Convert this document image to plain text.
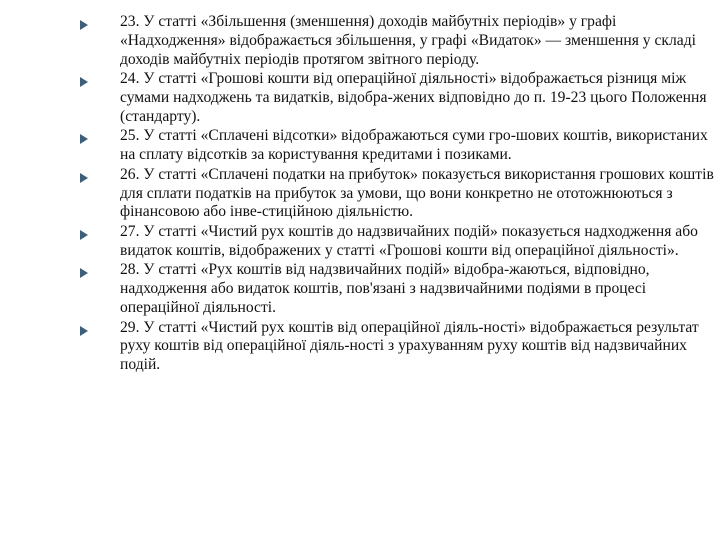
23. У статті «Збільшення (зменшення) доходів майбутніх періодів» у графі «Надходження» відображається збільшення, у графі «Видаток» — зменшення у складі доходів майбутніх періодів протягом звітного періоду.
24. У статті «Грошові кошти від операційної діяльності» відображається різниця між сумами надходжень та видатків, відобра-жених відповідно до п. 19-23 цього Положення (стандарту).
25. У статті «Сплачені відсотки» відображаються суми гро-шових коштів, використаних на сплату відсотків за користування кредитами і позиками.
26. У статті «Сплачені податки на прибуток» показується використання грошових коштів для сплати податків на прибуток за умови, що вони конкретно не ототожнюються з фінансовою або інве-стиційною діяльністю.
27. У статті «Чистий рух коштів до надзвичайних подій» показується надходження або видаток коштів, відображених у статті «Грошові кошти від операційної діяльності».
28. У статті «Рух коштів від надзвичайних подій» відобра-жаються, відповідно, надходження або видаток коштів, пов'язані з надзвичайними подіями в процесі операційної діяльності.
29. У статті «Чистий рух коштів від операційної діяль-ності» відображається результат руху коштів від операційної діяль-ності з урахуванням руху коштів від надзвичайних подій.
